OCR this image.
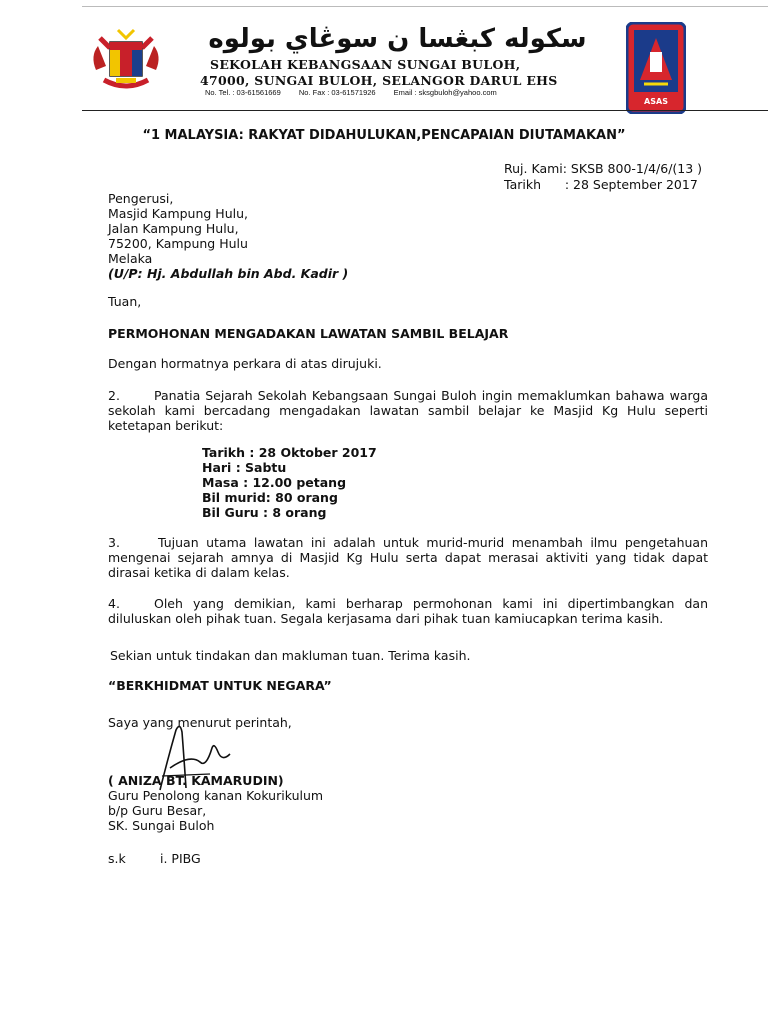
سكوله كبڠسا ن سوڠاي بولوه
SEKOLAH KEBANGSAAN SUNGAI BULOH,
47000, SUNGAI BULOH, SELANGOR DARUL EHS
No. Tel. : 03-61561669 No. Fax : 03-61571926 Email : sksgbuloh@yahoo.com
ASAS
“1 MALAYSIA: RAKYAT DIDAHULUKAN,PENCAPAIAN DIUTAMAKAN”
Ruj. Kami: SKSB 800-1/4/6/(13 )
Tarikh      : 28 September 2017
Pengerusi,
Masjid Kampung Hulu,
Jalan Kampung Hulu,
75200, Kampung Hulu
Melaka
(U/P: Hj. Abdullah bin Abd. Kadir )
Tuan,
PERMOHONAN MENGADAKAN LAWATAN SAMBIL BELAJAR
Dengan hormatnya perkara di atas dirujuki.
2.	Panatia Sejarah Sekolah Kebangsaan Sungai Buloh ingin memaklumkan bahawa warga sekolah kami bercadang mengadakan lawatan sambil belajar ke Masjid Kg Hulu seperti ketetapan berikut:
Tarikh : 28 Oktober 2017
Hari : Sabtu
Masa : 12.00 petang
Bil murid: 80 orang
Bil Guru : 8 orang
3.	Tujuan utama lawatan ini adalah untuk murid-murid menambah ilmu pengetahuan mengenai sejarah amnya di Masjid Kg Hulu serta dapat merasai aktiviti yang tidak dapat dirasai ketika di dalam kelas.
4.	Oleh yang demikian, kami berharap permohonan kami ini dipertimbangkan dan diluluskan oleh pihak tuan. Segala kerjasama dari pihak tuan kamiucapkan terima kasih.
Sekian untuk tindakan dan makluman tuan. Terima kasih.
“BERKHIDMAT UNTUK NEGARA”
Saya yang menurut perintah,
( ANIZA BT. KAMARUDIN)
Guru Penolong kanan Kokurikulum
b/p Guru Besar,
SK. Sungai Buloh
s.k	i. PIBG
